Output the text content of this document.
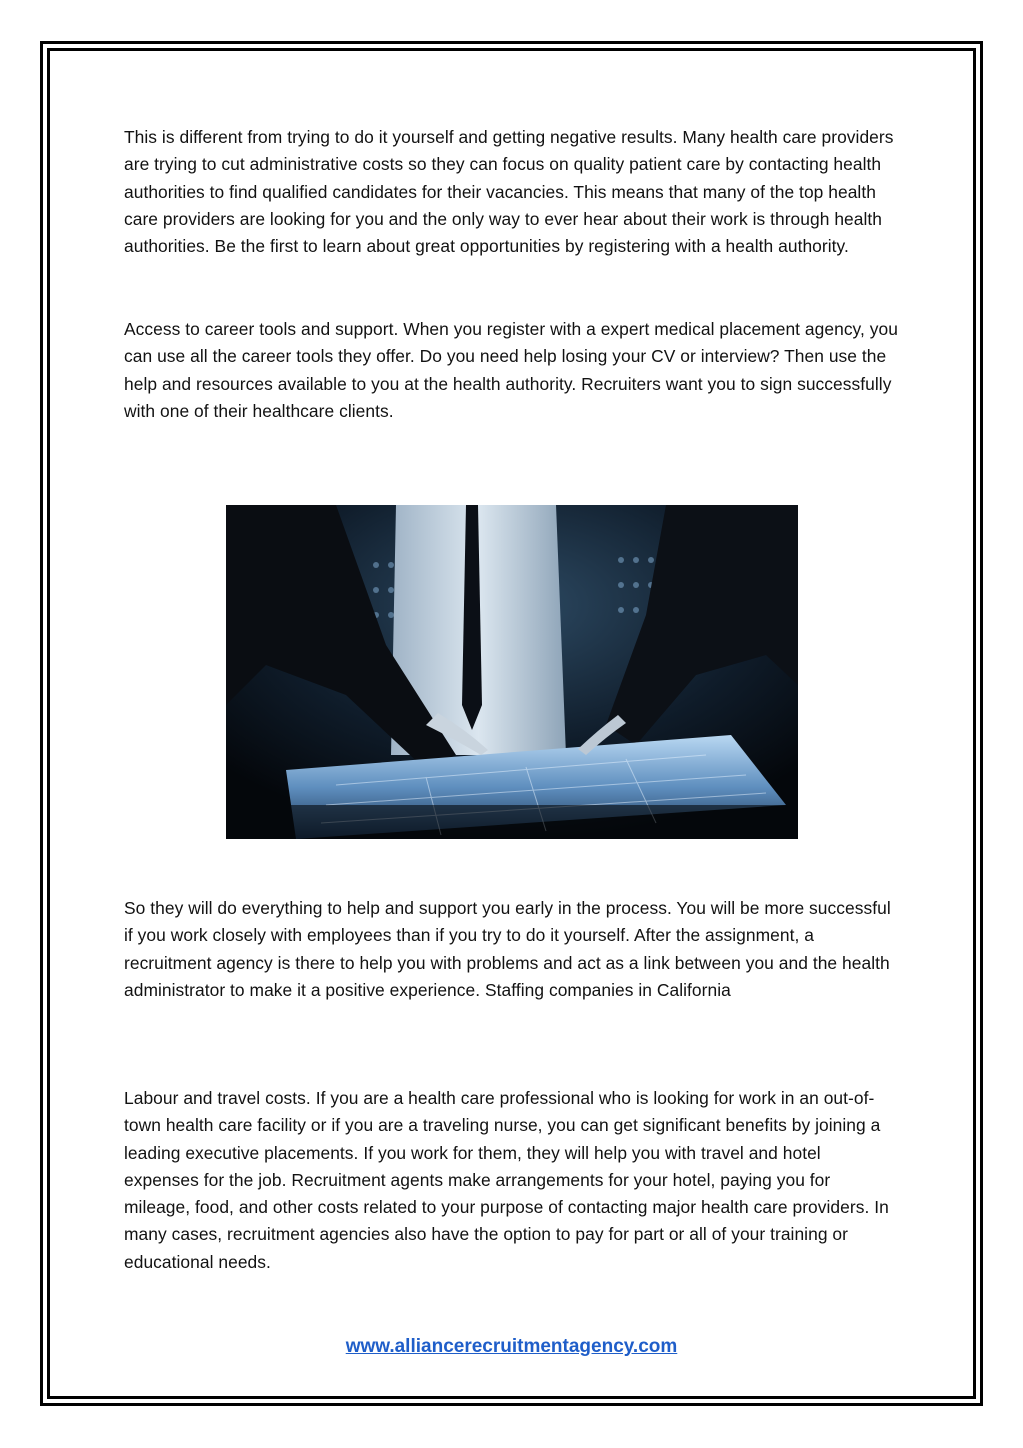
This is different from trying to do it yourself and getting negative results. Many health care providers are trying to cut administrative costs so they can focus on quality patient care by contacting health authorities to find qualified candidates for their vacancies. This means that many of the top health care providers are looking for you and the only way to ever hear about their work is through health authorities. Be the first to learn about great opportunities by registering with a health authority.

Access to career tools and support. When you register with a expert medical placement agency, you can use all the career tools they offer. Do you need help losing your CV or interview? Then use the help and resources available to you at the health authority. Recruiters want you to sign successfully with one of their healthcare clients.

So they will do everything to help and support you early in the process. You will be more successful if you work closely with employees than if you try to do it yourself. After the assignment, a recruitment agency is there to help you with problems and act as a link between you and the health administrator to make it a positive experience. Staffing companies in California

Labour and travel costs. If you are a health care professional who is looking for work in an out-of-town health care facility or if you are a traveling nurse, you can get significant benefits by joining a leading executive placements. If you work for them, they will help you with travel and hotel expenses for the job. Recruitment agents make arrangements for your hotel, paying you for mileage, food, and other costs related to your purpose of contacting major health care providers. In many cases, recruitment agencies also have the option to pay for part or all of your training or educational needs.

www.alliancerecruitmentagency.com
